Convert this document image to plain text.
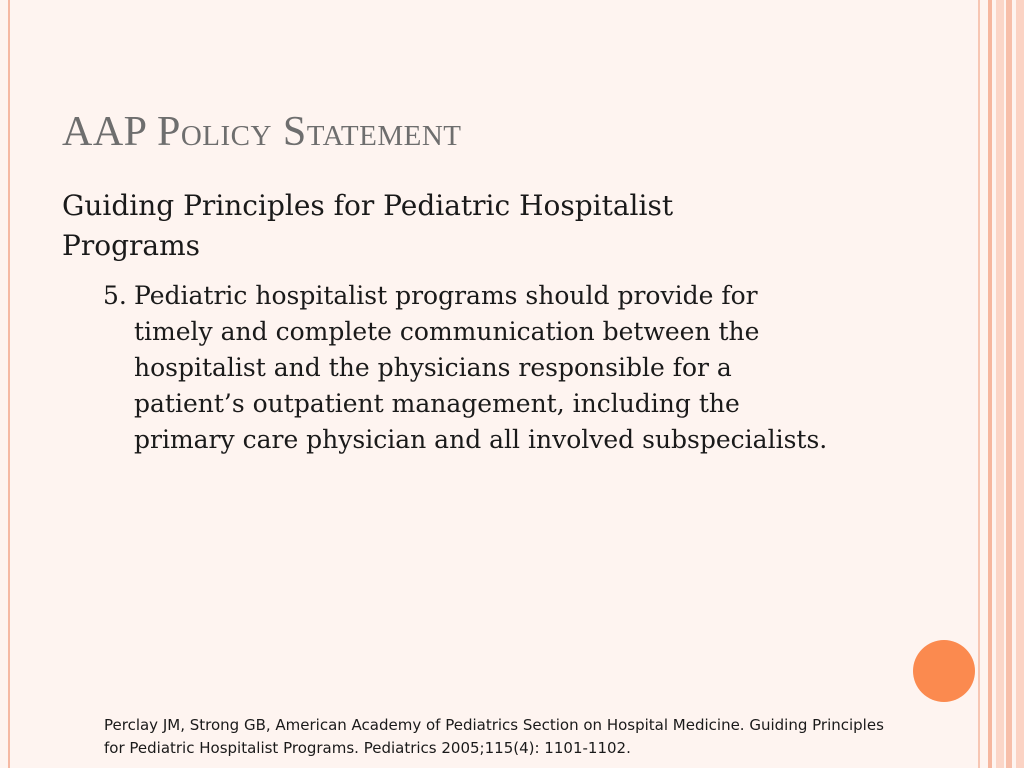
AAP Policy Statement

Guiding Principles for Pediatric Hospitalist Programs

5. Pediatric hospitalist programs should provide for timely and complete communication between the hospitalist and the physicians responsible for a patient’s outpatient management, including the primary care physician and all involved subspecialists.

Perclay JM, Strong GB, American Academy of Pediatrics Section on Hospital Medicine. Guiding Principles for Pediatric Hospitalist Programs. Pediatrics 2005;115(4): 1101-1102.
